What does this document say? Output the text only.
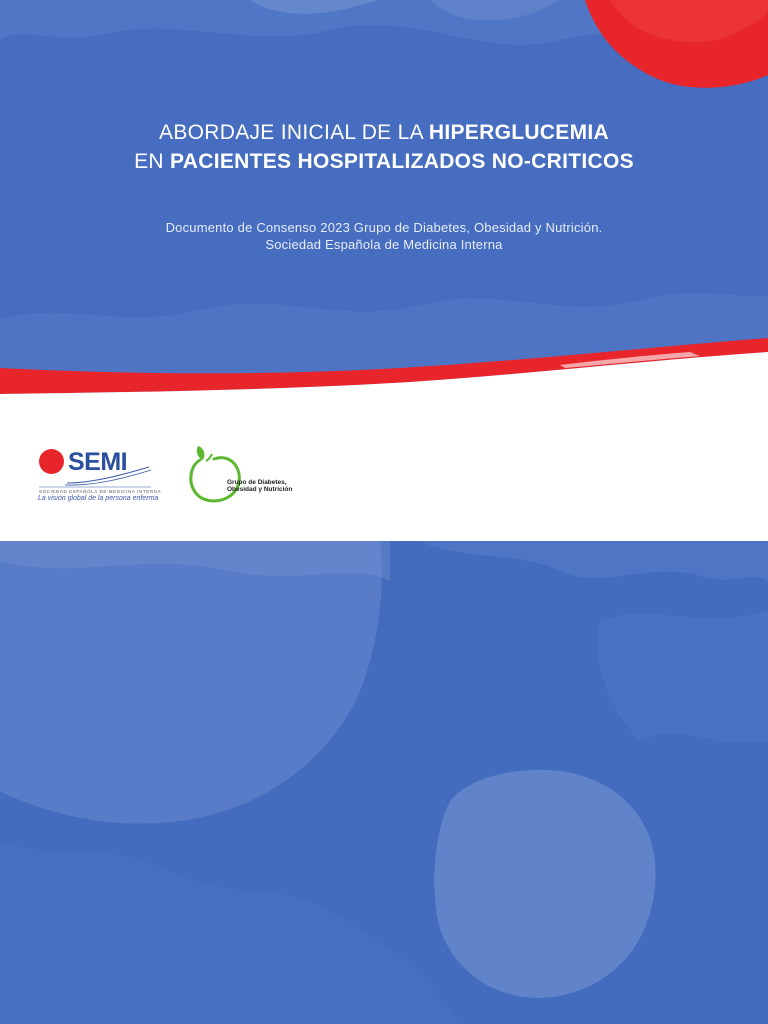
ABORDAJE INICIAL DE LA HIPERGLUCEMIA
EN PACIENTES HOSPITALIZADOS NO-CRITICOS
Documento de Consenso 2023 Grupo de Diabetes, Obesidad y Nutrición.
Sociedad Española de Medicina Interna
SEMI
SOCIEDAD ESPAÑOLA DE MEDICINA INTERNA
La visión global de la persona enferma
Grupo de Diabetes,
Obesidad y Nutrición
